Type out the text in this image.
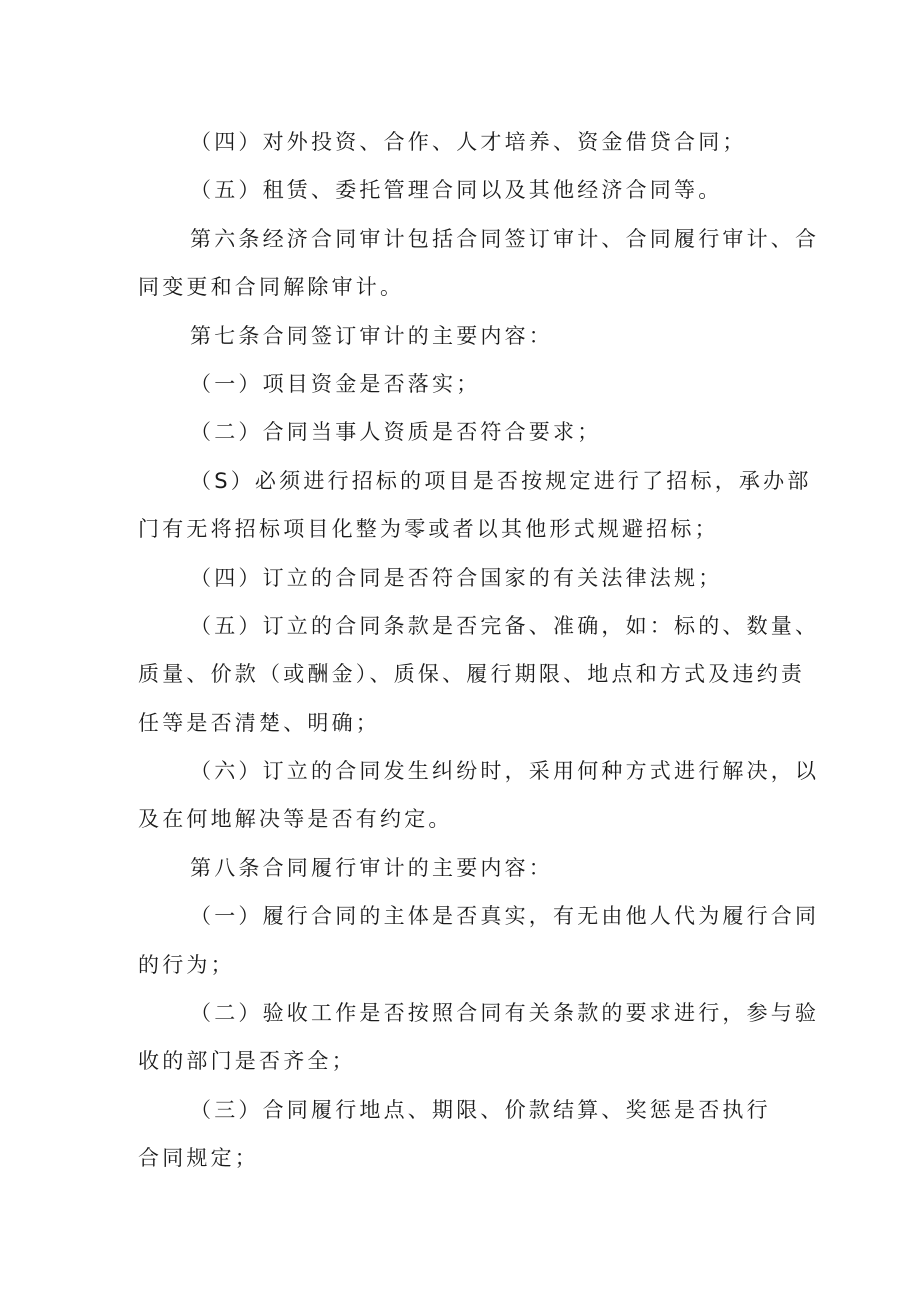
（四）对外投资、合作、人才培养、资金借贷合同；

（五）租赁、委托管理合同以及其他经济合同等。

第六条经济合同审计包括合同签订审计、合同履行审计、合
同变更和合同解除审计。

第七条合同签订审计的主要内容：

（一）项目资金是否落实；

（二）合同当事人资质是否符合要求；

（S）必须进行招标的项目是否按规定进行了招标，承办部
门有无将招标项目化整为零或者以其他形式规避招标；

（四）订立的合同是否符合国家的有关法律法规；

（五）订立的合同条款是否完备、准确，如：标的、数量、
质量、价款（或酬金）、质保、履行期限、地点和方式及违约责
任等是否清楚、明确；

（六）订立的合同发生纠纷时，采用何种方式进行解决，以
及在何地解决等是否有约定。

第八条合同履行审计的主要内容：

（一）履行合同的主体是否真实，有无由他人代为履行合同
的行为；

（二）验收工作是否按照合同有关条款的要求进行，参与验
收的部门是否齐全；

（三）合同履行地点、期限、价款结算、奖惩是否执行
合同规定；
